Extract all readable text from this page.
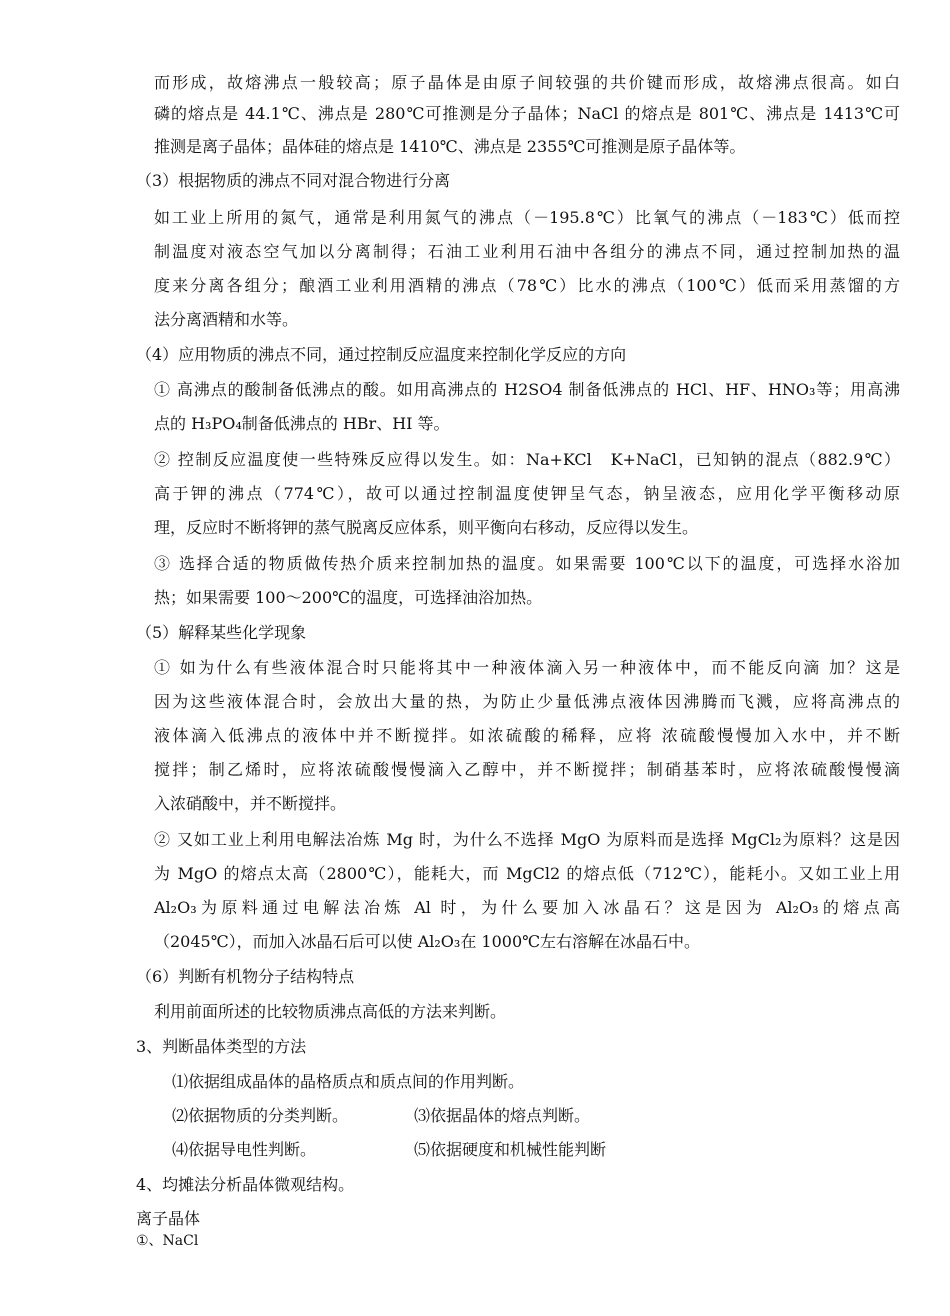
而形成，故熔沸点一般较高；原子晶体是由原子间较强的共价键而形成，故熔沸点很高。如白
磷的熔点是 44.1℃、沸点是 280℃可推测是分子晶体；NaCl 的熔点是 801℃、沸点是 1413℃可
推测是离子晶体；晶体硅的熔点是 1410℃、沸点是 2355℃可推测是原子晶体等。
（3）根据物质的沸点不同对混合物进行分离
如工业上所用的氮气，通常是利用氮气的沸点（－195.8℃）比氧气的沸点（－183℃）低而控
制温度对液态空气加以分离制得；石油工业利用石油中各组分的沸点不同，通过控制加热的温
度来分离各组分；酿酒工业利用酒精的沸点（78℃）比水的沸点（100℃）低而采用蒸馏的方
法分离酒精和水等。
（4）应用物质的沸点不同，通过控制反应温度来控制化学反应的方向
① 高沸点的酸制备低沸点的酸。如用高沸点的 H2SO4 制备低沸点的 HCl、HF、HNO₃等；用高沸
点的 H₃PO₄制备低沸点的 HBr、HI 等。
② 控制反应温度使一些特殊反应得以发生。如：Na+KCl　K+NaCl，已知钠的混点（882.9℃）
高于钾的沸点（774℃），故可以通过控制温度使钾呈气态，钠呈液态，应用化学平衡移动原
理，反应时不断将钾的蒸气脱离反应体系，则平衡向右移动，反应得以发生。
③ 选择合适的物质做传热介质来控制加热的温度。如果需要 100℃以下的温度，可选择水浴加
热；如果需要 100～200℃的温度，可选择油浴加热。
（5）解释某些化学现象
① 如为什么有些液体混合时只能将其中一种液体滴入另一种液体中，而不能反向滴 加？这是
因为这些液体混合时，会放出大量的热，为防止少量低沸点液体因沸腾而飞溅，应将高沸点的
液体滴入低沸点的液体中并不断搅拌。如浓硫酸的稀释，应将 浓硫酸慢慢加入水中，并不断
搅拌；制乙烯时，应将浓硫酸慢慢滴入乙醇中，并不断搅拌；制硝基苯时，应将浓硫酸慢慢滴
入浓硝酸中，并不断搅拌。
② 又如工业上利用电解法冶炼 Mg 时，为什么不选择 MgO 为原料而是选择 MgCl₂为原料？这是因
为 MgO 的熔点太高（2800℃），能耗大，而 MgCl2 的熔点低（712℃），能耗小。又如工业上用
Al₂O₃为原料通过电解法冶炼 Al 时，为什么要加入冰晶石？这是因为 Al₂O₃的熔点高
（2045℃），而加入冰晶石后可以使 Al₂O₃在 1000℃左右溶解在冰晶石中。
（6）判断有机物分子结构特点
利用前面所述的比较物质沸点高低的方法来判断。
3、判断晶体类型的方法
⑴依据组成晶体的晶格质点和质点间的作用判断。
⑵依据物质的分类判断。	⑶依据晶体的熔点判断。
⑷依据导电性判断。	⑸依据硬度和机械性能判断
4、均摊法分析晶体微观结构。
离子晶体
①、NaCl
